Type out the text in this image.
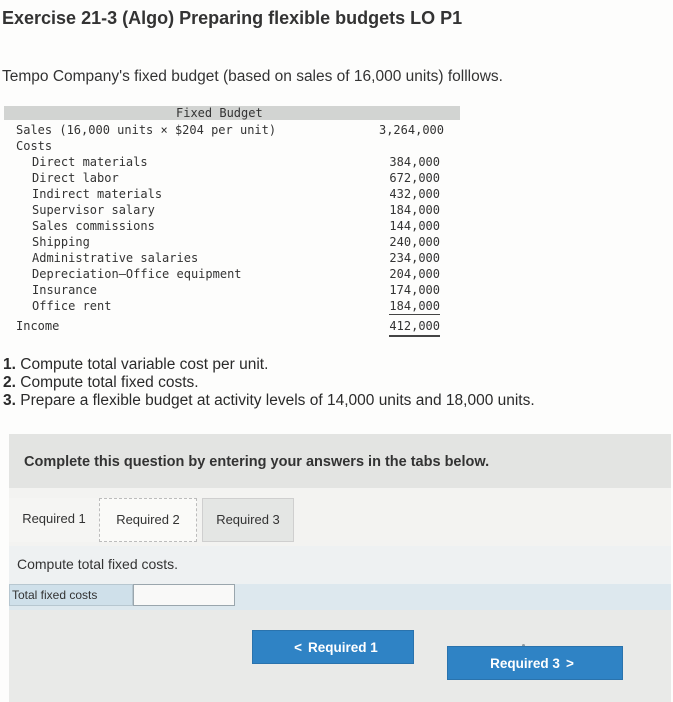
Exercise 21-3 (Algo) Preparing flexible budgets LO P1
Tempo Company's fixed budget (based on sales of 16,000 units) folllows.
Fixed Budget
Sales (16,000 units × $204 per unit)	3,264,000
Costs
Direct materials	384,000
Direct labor	672,000
Indirect materials	432,000
Supervisor salary	184,000
Sales commissions	144,000
Shipping	240,000
Administrative salaries	234,000
Depreciation—Office equipment	204,000
Insurance	174,000
Office rent	184,000
Income	412,000
1. Compute total variable cost per unit.
2. Compute total fixed costs.
3. Prepare a flexible budget at activity levels of 14,000 units and 18,000 units.
Complete this question by entering your answers in the tabs below.
Required 1	Required 2	Required 3
Compute total fixed costs.
Total fixed costs
< Required 1
Required 3 >
